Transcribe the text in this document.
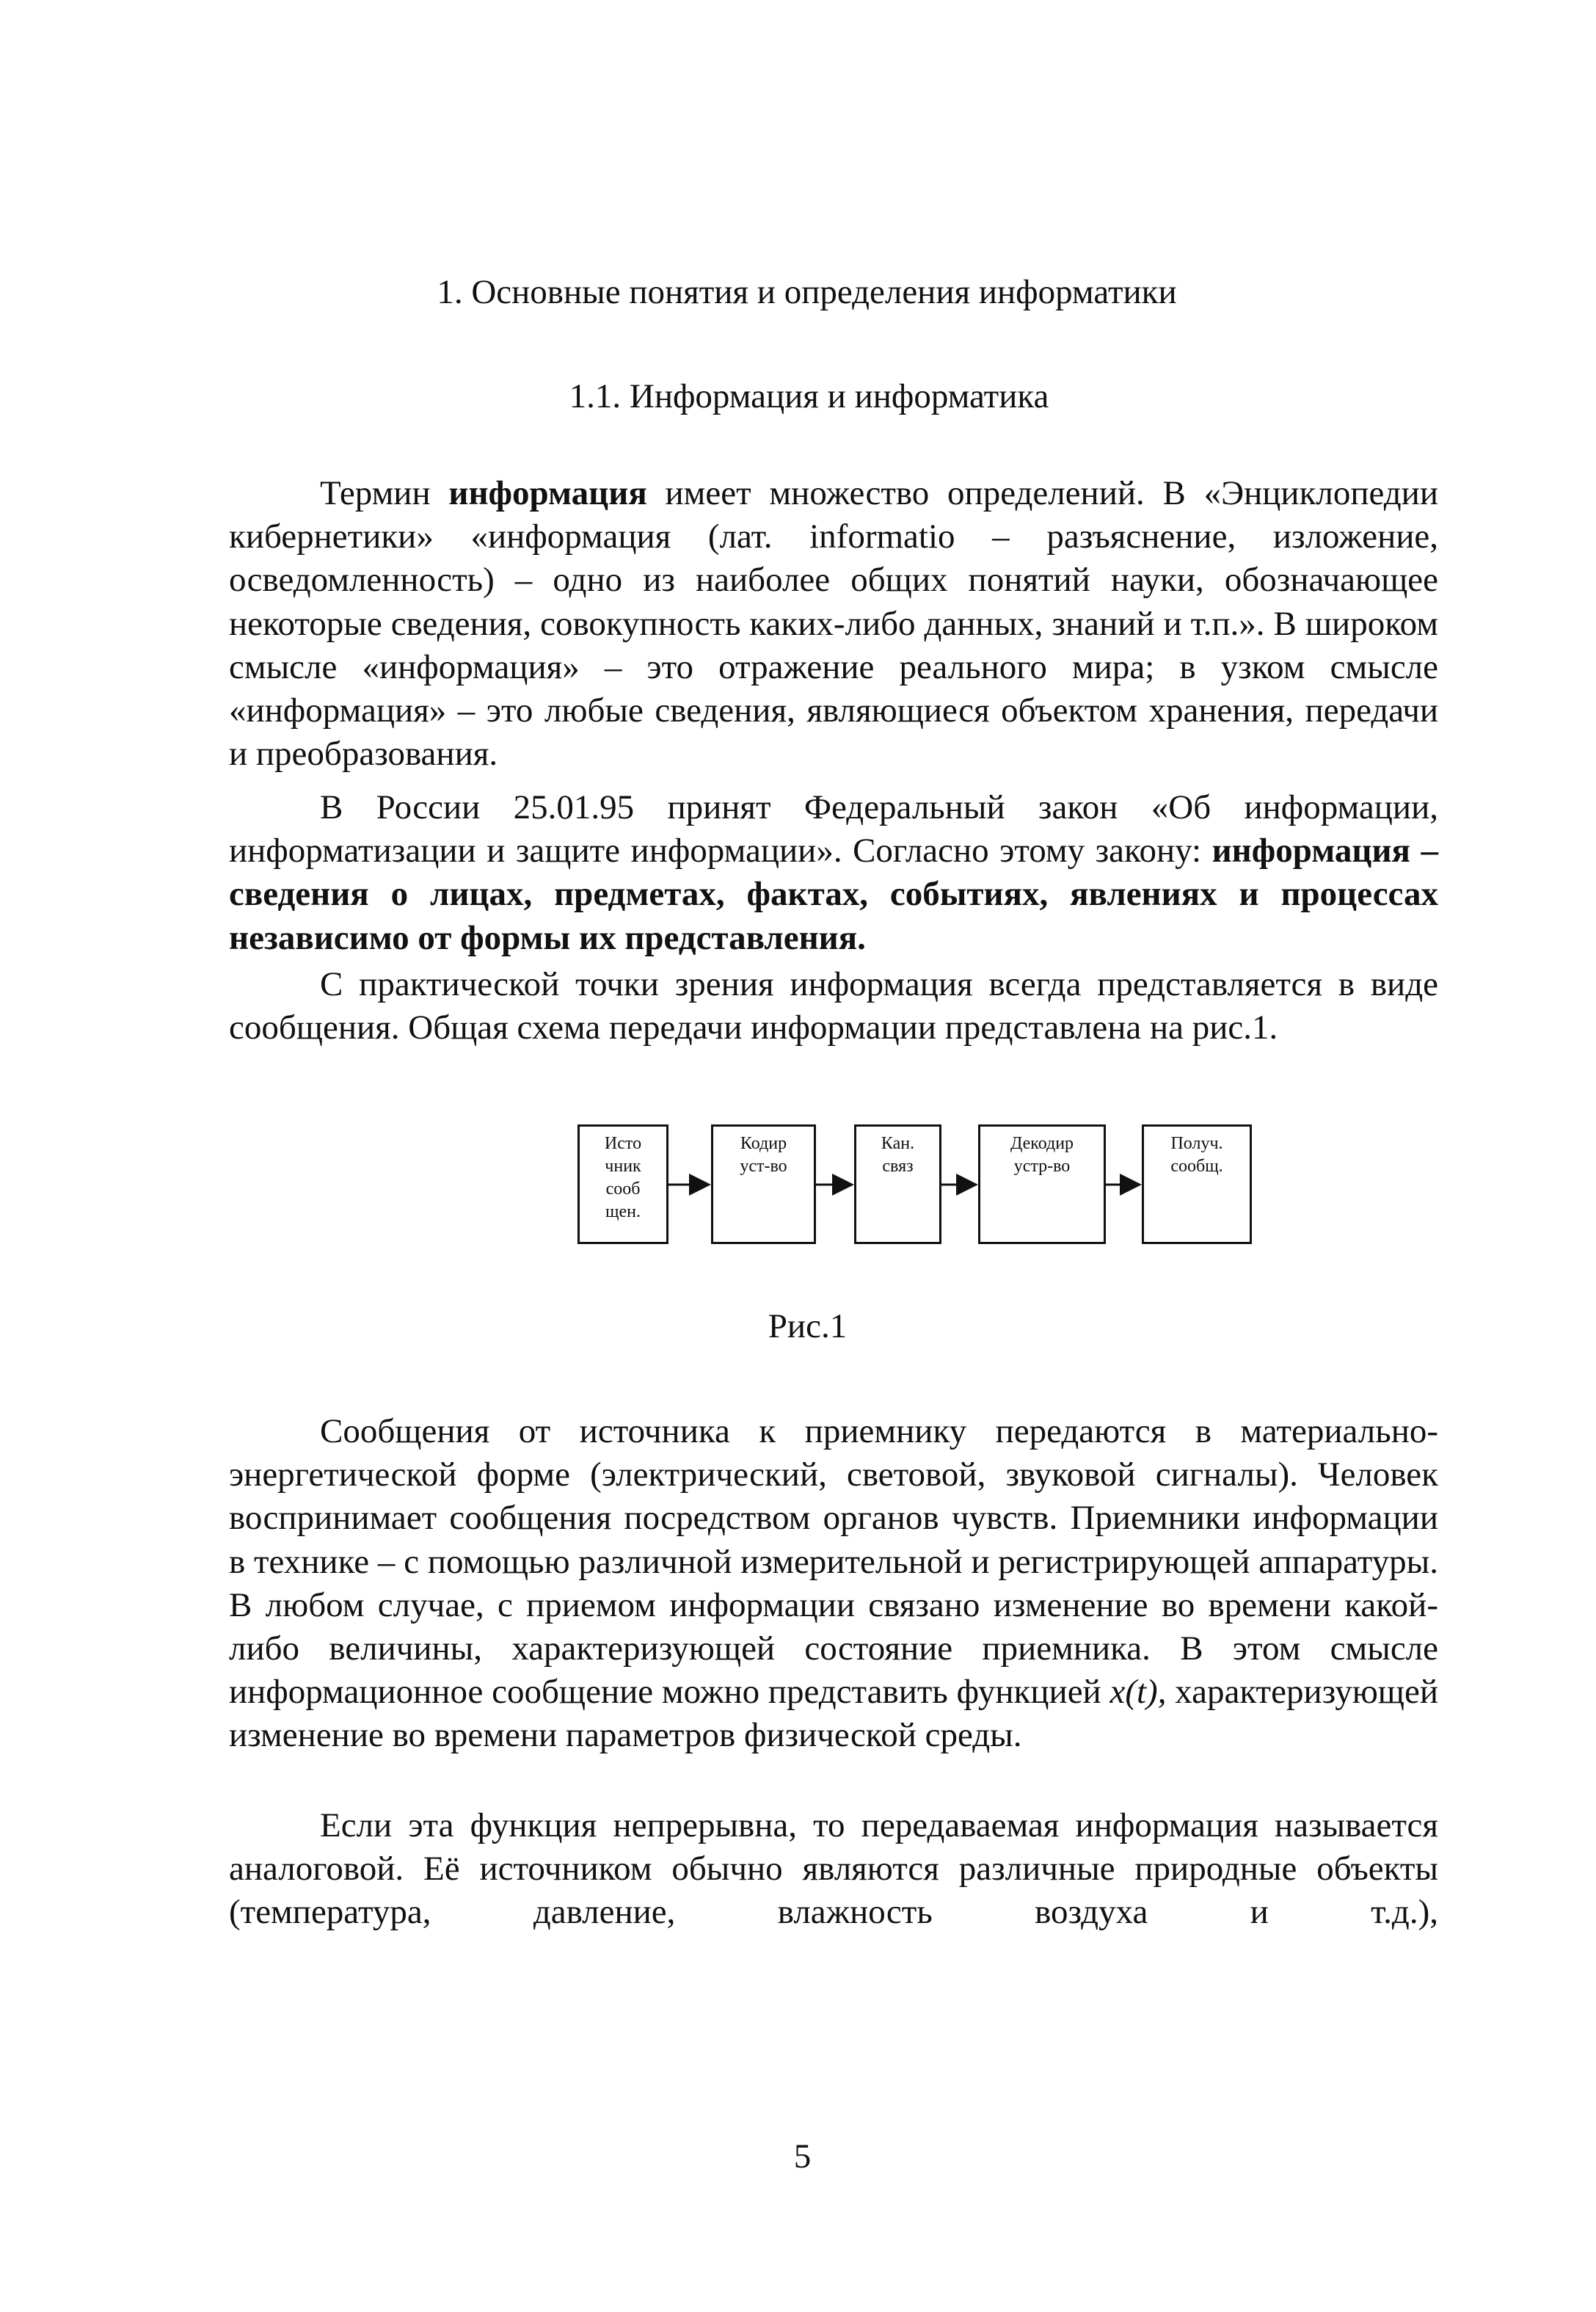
1. Основные понятия и определения информатики
1.1. Информация и информатика

Термин информация имеет множество определений. В «Энциклопедии кибернетики» «информация (лат. informatio – разъяснение, изложение, осведомленность) – одно из наиболее общих понятий науки, обозначающее некоторые сведения, совокупность каких-либо данных, знаний и т.п.». В широком смысле «информация» – это отражение реального мира; в узком смысле «информация» – это любые сведения, являющиеся объектом хранения, передачи и преобразования.

В России 25.01.95 принят Федеральный закон «Об информации, информатизации и защите информации». Согласно этому закону: информация – сведения о лицах, предметах, фактах, событиях, явлениях и процессах независимо от формы их представления.

С практической точки зрения информация всегда представляется в виде сообщения. Общая схема передачи информации представлена на рис.1.

Исто
чник
сооб
щен.
Кодир
уст-во
Кан.
связ
Декодир
устр-во
Получ.
сообщ.
Рис.1

Сообщения от источника к приемнику передаются в материально-энергетической форме (электрический, световой, звуковой сигналы). Человек воспринимает сообщения посредством органов чувств. Приемники информации в технике – с помощью различной измерительной и регистрирующей аппаратуры. В любом случае, с приемом информации связано изменение во времени какой-либо величины, характеризующей состояние приемника. В этом смысле информационное сообщение можно представить функцией x(t), характеризующей изменение во времени параметров физической среды.

Если эта функция непрерывна, то передаваемая информация называется аналоговой. Её источником обычно являются различные природные объекты (температура, давление, влажность воздуха и т.д.),

5
